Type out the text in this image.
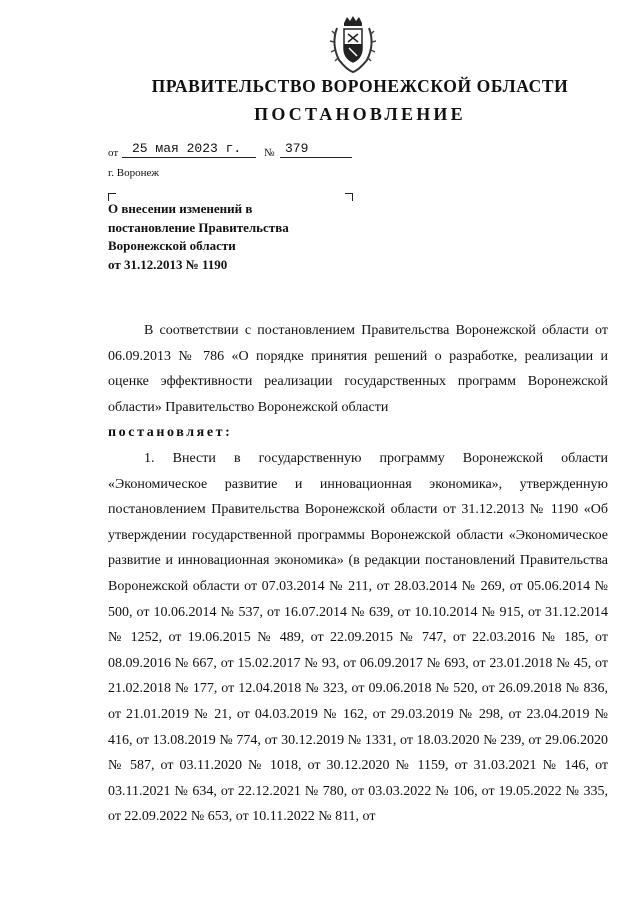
ПРАВИТЕЛЬСТВО ВОРОНЕЖСКОЙ ОБЛАСТИ
ПОСТАНОВЛЕНИЕ
от 25 мая 2023 г. № 379
г. Воронеж
О внесении изменений в
постановление Правительства
Воронежской области
от 31.12.2013 № 1190

В соответствии с постановлением Правительства Воронежской области от 06.09.2013 № 786 «О порядке принятия решений о разработке, реализации и оценке эффективности реализации государственных программ Воронежской области» Правительство Воронежской области

постановляет:

1. Внести в государственную программу Воронежской области «Экономическое развитие и инновационная экономика», утвержденную постановлением Правительства Воронежской области от 31.12.2013 № 1190 «Об утверждении государственной программы Воронежской области «Экономическое развитие и инновационная экономика» (в редакции постановлений Правительства Воронежской области от 07.03.2014 № 211, от 28.03.2014 № 269, от 05.06.2014 № 500, от 10.06.2014 № 537, от 16.07.2014 № 639, от 10.10.2014 № 915, от 31.12.2014 № 1252, от 19.06.2015 № 489, от 22.09.2015 № 747, от 22.03.2016 № 185, от 08.09.2016 № 667, от 15.02.2017 № 93, от 06.09.2017 № 693, от 23.01.2018 № 45, от 21.02.2018 № 177, от 12.04.2018 № 323, от 09.06.2018 № 520, от 26.09.2018 № 836, от 21.01.2019 № 21, от 04.03.2019 № 162, от 29.03.2019 № 298, от 23.04.2019 № 416, от 13.08.2019 № 774, от 30.12.2019 № 1331, от 18.03.2020 № 239, от 29.06.2020 № 587, от 03.11.2020 № 1018, от 30.12.2020 № 1159, от 31.03.2021 № 146, от 03.11.2021 № 634, от 22.12.2021 № 780, от 03.03.2022 № 106, от 19.05.2022 № 335, от 22.09.2022 № 653, от 10.11.2022 № 811, от
